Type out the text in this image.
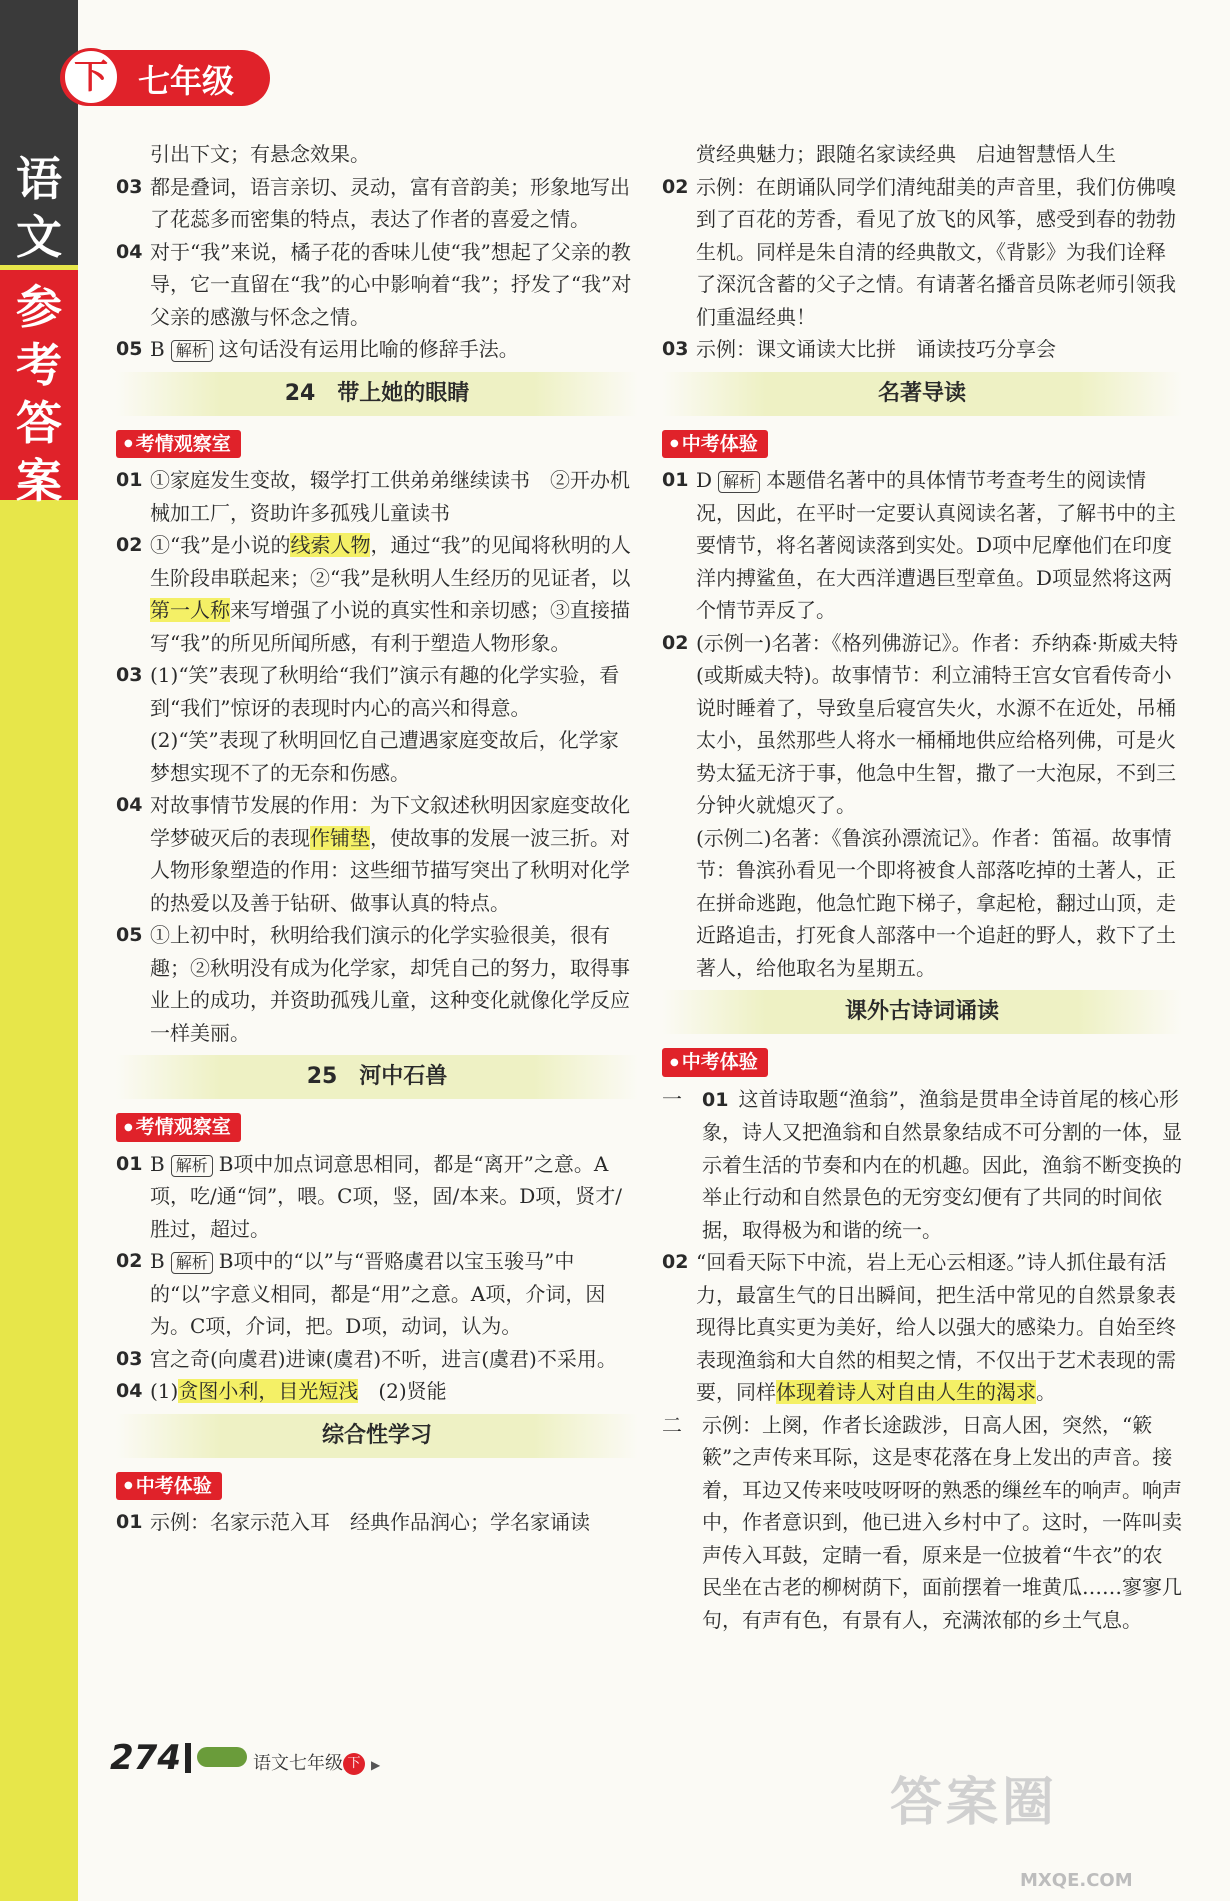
语
文
参
考
答
案
下 七年级
引出下文；有悬念效果。
03 都是叠词，语言亲切、灵动，富有音韵美；形象地写出了花蕊多而密集的特点，表达了作者的喜爱之情。
04 对于“我”来说，橘子花的香味儿使“我”想起了父亲的教导，它一直留在“我”的心中影响着“我”；抒发了“我”对父亲的感激与怀念之情。
05 B 解析 这句话没有运用比喻的修辞手法。
24　带上她的眼睛
● 考情观察室
01 ①家庭发生变故，辍学打工供弟弟继续读书　②开办机械加工厂，资助许多孤残儿童读书
02 ①“我”是小说的线索人物，通过“我”的见闻将秋明的人生阶段串联起来；②“我”是秋明人生经历的见证者，以第一人称来写增强了小说的真实性和亲切感；③直接描写“我”的所见所闻所感，有利于塑造人物形象。
03 (1)“笑”表现了秋明给“我们”演示有趣的化学实验，看到“我们”惊讶的表现时内心的高兴和得意。
(2)“笑”表现了秋明回忆自己遭遇家庭变故后，化学家梦想实现不了的无奈和伤感。
04 对故事情节发展的作用：为下文叙述秋明因家庭变故化学梦破灭后的表现作铺垫，使故事的发展一波三折。对人物形象塑造的作用：这些细节描写突出了秋明对化学的热爱以及善于钻研、做事认真的特点。
05 ①上初中时，秋明给我们演示的化学实验很美，很有趣；②秋明没有成为化学家，却凭自己的努力，取得事业上的成功，并资助孤残儿童，这种变化就像化学反应一样美丽。
25　河中石兽
● 考情观察室
01 B 解析 B项中加点词意思相同，都是“离开”之意。A项，吃/通“饲”，喂。C项，竖，固/本来。D项，贤才/胜过，超过。
02 B 解析 B项中的“以”与“晋赂虞君以宝玉骏马”中的“以”字意义相同，都是“用”之意。A项，介词，因为。C项，介词，把。D项，动词，认为。
03 宫之奇(向虞君)进谏(虞君)不听，进言(虞君)不采用。
04 (1)贪图小利，目光短浅　(2)贤能
综合性学习
● 中考体验
01 示例：名家示范入耳　经典作品润心；学名家诵读
赏经典魅力；跟随名家读经典　启迪智慧悟人生
02 示例：在朗诵队同学们清纯甜美的声音里，我们仿佛嗅到了百花的芳香，看见了放飞的风筝，感受到春的勃勃生机。同样是朱自清的经典散文，《背影》为我们诠释了深沉含蓄的父子之情。有请著名播音员陈老师引领我们重温经典！
03 示例：课文诵读大比拼　诵读技巧分享会
名著导读
● 中考体验
01 D 解析 本题借名著中的具体情节考查考生的阅读情况，因此，在平时一定要认真阅读名著，了解书中的主要情节，将名著阅读落到实处。D项中尼摩他们在印度洋内搏鲨鱼，在大西洋遭遇巨型章鱼。D项显然将这两个情节弄反了。
02 (示例一)名著：《格列佛游记》。作者：乔纳森·斯威夫特(或斯威夫特)。故事情节：利立浦特王宫女官看传奇小说时睡着了，导致皇后寝宫失火，水源不在近处，吊桶太小，虽然那些人将水一桶桶地供应给格列佛，可是火势太猛无济于事，他急中生智，撒了一大泡尿，不到三分钟火就熄灭了。
(示例二)名著：《鲁滨孙漂流记》。作者：笛福。故事情节：鲁滨孙看见一个即将被食人部落吃掉的土著人，正在拼命逃跑，他急忙跑下梯子，拿起枪，翻过山顶，走近路追击，打死食人部落中一个追赶的野人，救下了土著人，给他取名为星期五。
课外古诗词诵读
● 中考体验
一 01 这首诗取题“渔翁”，渔翁是贯串全诗首尾的核心形象，诗人又把渔翁和自然景象结成不可分割的一体，显示着生活的节奏和内在的机趣。因此，渔翁不断变换的举止行动和自然景色的无穷变幻便有了共同的时间依据，取得极为和谐的统一。
02 “回看天际下中流，岩上无心云相逐。”诗人抓住最有活力，最富生气的日出瞬间，把生活中常见的自然景象表现得比真实更为美好，给人以强大的感染力。自始至终表现渔翁和大自然的相契之情，不仅出于艺术表现的需要，同样体现着诗人对自由人生的渴求。
二 示例：上阕，作者长途跋涉，日高人困，突然，“簌簌”之声传来耳际，这是枣花落在身上发出的声音。接着，耳边又传来吱吱呀呀的熟悉的缫丝车的响声。响声中，作者意识到，他已进入乡村中了。这时，一阵叫卖声传入耳鼓，定睛一看，原来是一位披着“牛衣”的农民坐在古老的柳树荫下，面前摆着一堆黄瓜……寥寥几句，有声有色，有景有人，充满浓郁的乡土气息。
274	语文七年级 下 ▶
答案圈
MXQE.COM
